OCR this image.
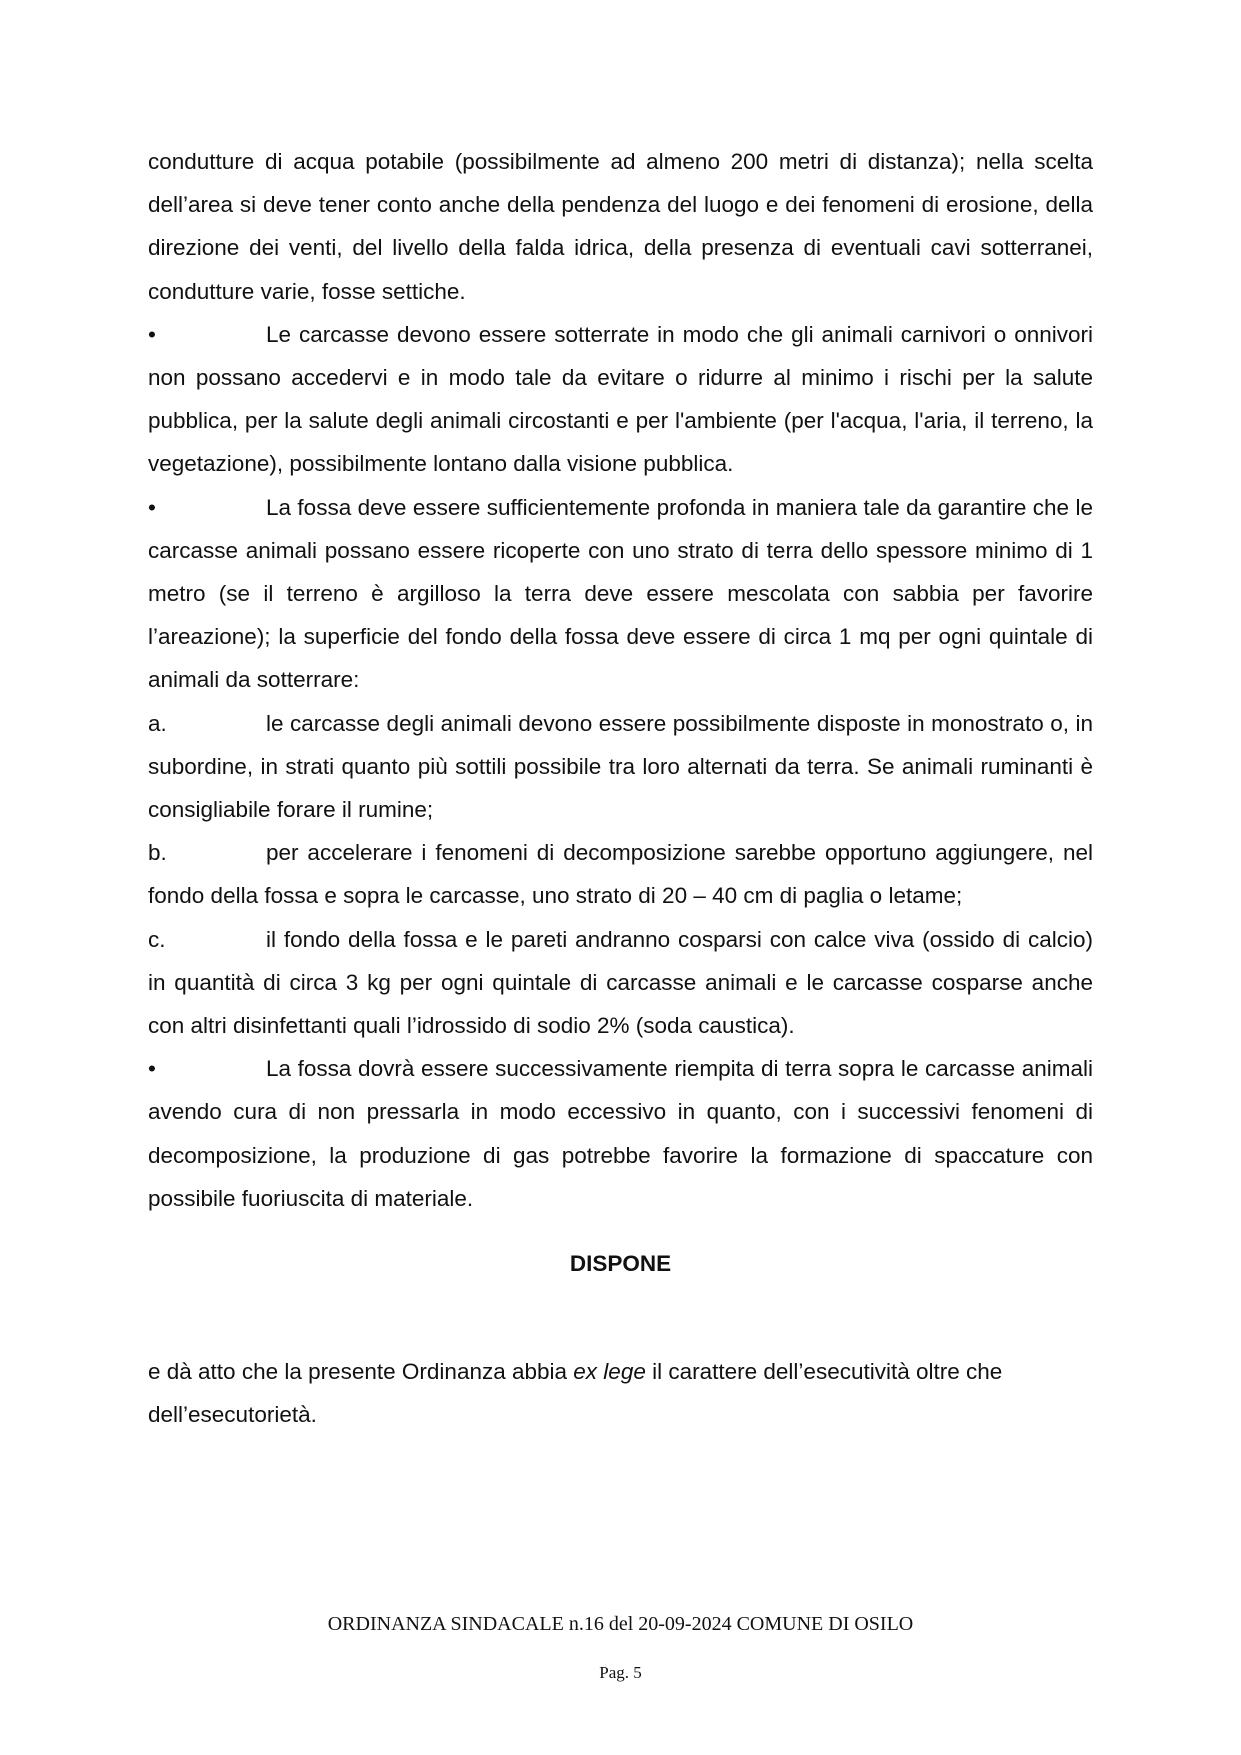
condutture di acqua potabile (possibilmente ad almeno 200 metri di distanza); nella scelta dell’area si deve tener conto anche della pendenza del luogo e dei fenomeni di erosione, della direzione dei venti, del livello della falda idrica, della presenza di eventuali cavi sotterranei, condutture varie, fosse settiche.

•	Le carcasse devono essere sotterrate in modo che gli animali carnivori o onnivori non possano accedervi e in modo tale da evitare o ridurre al minimo i rischi per la salute pubblica, per la salute degli animali circostanti e per l'ambiente (per l'acqua, l'aria, il terreno, la vegetazione), possibilmente lontano dalla visione pubblica.

•	La fossa deve essere sufficientemente profonda in maniera tale da garantire che le carcasse animali possano essere ricoperte con uno strato di terra dello spessore minimo di 1 metro (se il terreno è argilloso la terra deve essere mescolata con sabbia per favorire l’areazione); la superficie del fondo della fossa deve essere di circa 1 mq per ogni quintale di animali da sotterrare:

a.	le carcasse degli animali devono essere possibilmente disposte in monostrato o, in subordine, in strati quanto più sottili possibile tra loro alternati da terra. Se animali ruminanti è consigliabile forare il rumine;

b.	per accelerare i fenomeni di decomposizione sarebbe opportuno aggiungere, nel fondo della fossa e sopra le carcasse, uno strato di 20 – 40 cm di paglia o letame;

c.	il fondo della fossa e le pareti andranno cosparsi con calce viva (ossido di calcio) in quantità di circa 3 kg per ogni quintale di carcasse animali e le carcasse cosparse anche con altri disinfettanti quali l’idrossido di sodio 2% (soda caustica).

•	La fossa dovrà essere successivamente riempita di terra sopra le carcasse animali avendo cura di non pressarla in modo eccessivo in quanto, con i successivi fenomeni di decomposizione, la produzione di gas potrebbe favorire la formazione di spaccature con possibile fuoriuscita di materiale.

DISPONE

e dà atto che la presente Ordinanza abbia ex lege il carattere dell’esecutività oltre che

dell’esecutorietà.

ORDINANZA SINDACALE n.16 del 20-09-2024 COMUNE DI OSILO
Pag. 5
